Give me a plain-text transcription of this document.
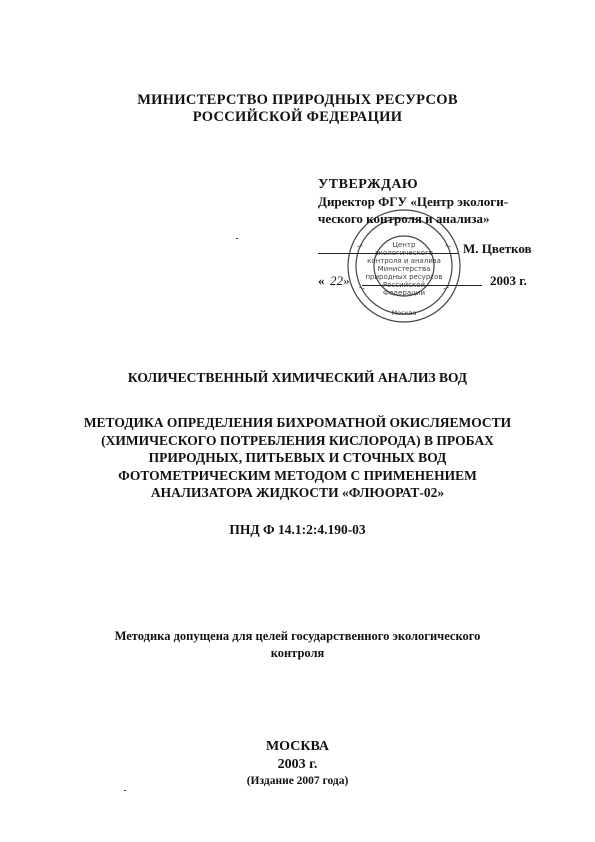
МИНИСТЕРСТВО ПРИРОДНЫХ РЕСУРСОВ
РОССИЙСКОЙ ФЕДЕРАЦИИ
Центр
экологического
контроля и анализа
Министерства
природных ресурсов
Российской
Федерации
Москва
УТВЕРЖДАЮ
Директор ФГУ «Центр экологи-
ческого контроля и анализа»
М. Цветков
« 22»	2003 г.
КОЛИЧЕСТВЕННЫЙ ХИМИЧЕСКИЙ АНАЛИЗ ВОД
МЕТОДИКА ОПРЕДЕЛЕНИЯ БИХРОМАТНОЙ ОКИСЛЯЕМОСТИ
(ХИМИЧЕСКОГО ПОТРЕБЛЕНИЯ КИСЛОРОДА) В ПРОБАХ
ПРИРОДНЫХ, ПИТЬЕВЫХ И СТОЧНЫХ ВОД
ФОТОМЕТРИЧЕСКИМ МЕТОДОМ С ПРИМЕНЕНИЕМ
АНАЛИЗАТОРА ЖИДКОСТИ «ФЛЮОРАТ-02»
ПНД Ф 14.1:2:4.190-03
Методика допущена для целей государственного экологического
контроля
МОСКВА
2003 г.
(Издание 2007 года)
